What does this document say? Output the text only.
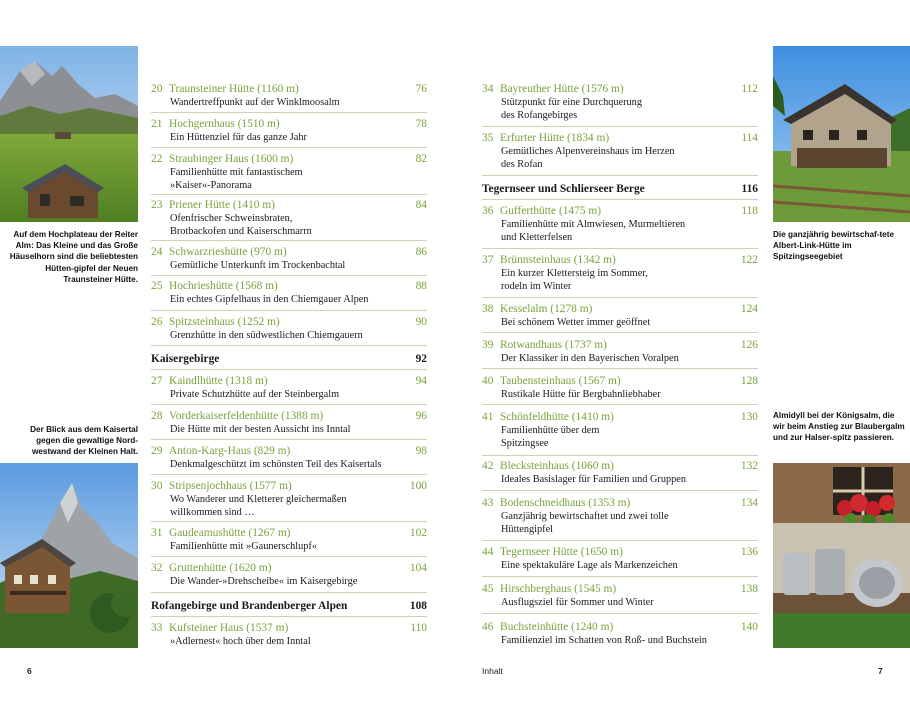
Auf dem Hochplateau der Reiter Alm: Das Kleine und das Große Häuselhorn sind die beliebtesten Hütten-gipfel der Neuen Traunsteiner Hütte.
Der Blick aus dem Kaisertal gegen die gewaltige Nord-westwand der Kleinen Halt.
Die ganzjährig bewirtschaf-tete Albert-Link-Hütte im Spitzingseegebiet
Almidyll bei der Königsalm, die wir beim Anstieg zur Blaubergalm und zur Halser-spitz passieren.
20 Traunsteiner Hütte (1160 m)	76
Wandertreffpunkt auf der Winklmoosalm
21 Hochgernhaus (1510 m)	78
Ein Hüttenziel für das ganze Jahr
22 Straubinger Haus (1600 m)	82
Familienhütte mit fantastischem
»Kaiser«-Panorama
23 Priener Hütte (1410 m)	84
Ofenfrischer Schweinsbraten,
Brotbackofen und Kaiserschmarrn
24 Schwarzrieshütte (970 m)	86
Gemütliche Unterkunft im Trockenbachtal
25 Hochrieshütte (1568 m)	88
Ein echtes Gipfelhaus in den Chiemgauer Alpen
26 Spitzsteinhaus (1252 m)	90
Grenzhütte in den südwestlichen Chiemgauern
Kaisergebirge	92
27 Kaindlhütte (1318 m)	94
Private Schutzhütte auf der Steinbergalm
28 Vorderkaiserfeldenhütte (1388 m)	96
Die Hütte mit der besten Aussicht ins Inntal
29 Anton-Karg-Haus (829 m)	98
Denkmalgeschützt im schönsten Teil des Kaisertals
30 Stripsenjochhaus (1577 m)	100
Wo Wanderer und Kletterer gleichermaßen
willkommen sind …
31 Gaudeamushütte (1267 m)	102
Familienhütte mit »Gaunerschlupf«
32 Gruttenhütte (1620 m)	104
Die Wander-»Drehscheibe« im Kaisergebirge
Rofangebirge und Brandenberger Alpen	108
33 Kufsteiner Haus (1537 m)	110
»Adlernest« hoch über dem Inntal
34 Bayreuther Hütte (1576 m)	112
Stützpunkt für eine Durchquerung
des Rofangebirges
35 Erfurter Hütte (1834 m)	114
Gemütliches Alpenvereinshaus im Herzen
des Rofan
Tegernseer und Schlierseer Berge	116
36 Gufferthütte (1475 m)	118
Familienhütte mit Almwiesen, Murmeltieren
und Kletterfelsen
37 Brünnsteinhaus (1342 m)	122
Ein kurzer Klettersteig im Sommer,
rodeln im Winter
38 Kesselalm (1278 m)	124
Bei schönem Wetter immer geöffnet
39 Rotwandhaus (1737 m)	126
Der Klassiker in den Bayerischen Voralpen
40 Taubensteinhaus (1567 m)	128
Rustikale Hütte für Bergbahnliebhaber
41 Schönfeldhütte (1410 m)	130
Familienhütte über dem
Spitzingsee
42 Blecksteinhaus (1060 m)	132
Ideales Basislager für Familien und Gruppen
43 Bodenschneidhaus (1353 m)	134
Ganzjährig bewirtschaftet und zwei tolle
Hüttengipfel
44 Tegernseer Hütte (1650 m)	136
Eine spektakuläre Lage als Markenzeichen
45 Hirschberghaus (1545 m)	138
Ausflugsziel für Sommer und Winter
46 Buchsteinhütte (1240 m)	140
Familienziel im Schatten von Roß- und Buchstein
6	Inhalt	7
